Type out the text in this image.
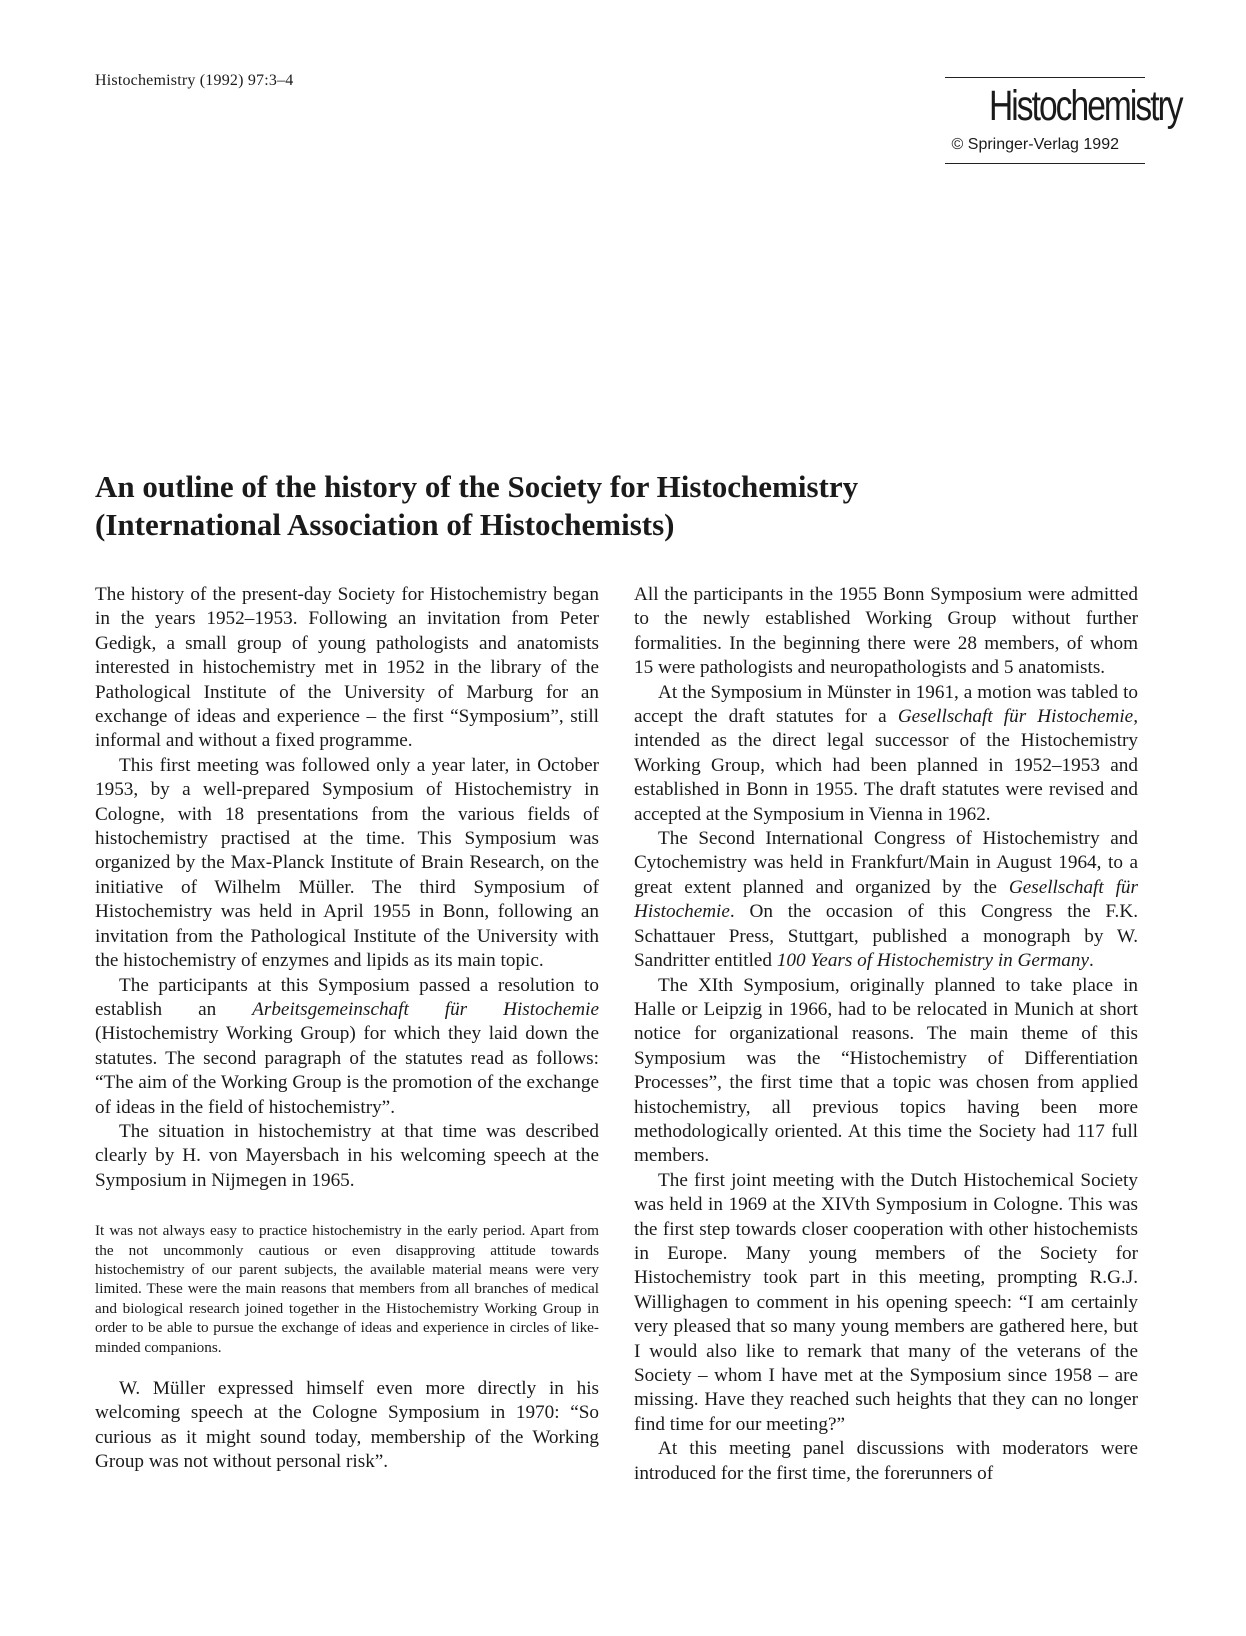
Histochemistry (1992) 97:3–4
Histochemistry
© Springer-Verlag 1992
An outline of the history of the Society for Histochemistry
(International Association of Histochemists)

The history of the present-day Society for Histochemistry began in the years 1952–1953. Following an invitation from Peter Gedigk, a small group of young pathologists and anatomists interested in histochemistry met in 1952 in the library of the Pathological Institute of the University of Marburg for an exchange of ideas and experience – the first “Symposium”, still informal and without a fixed programme.

This first meeting was followed only a year later, in October 1953, by a well-prepared Symposium of Histochemistry in Cologne, with 18 presentations from the various fields of histochemistry practised at the time. This Symposium was organized by the Max-Planck Institute of Brain Research, on the initiative of Wilhelm Müller. The third Symposium of Histochemistry was held in April 1955 in Bonn, following an invitation from the Pathological Institute of the University with the histochemistry of enzymes and lipids as its main topic.

The participants at this Symposium passed a resolution to establish an Arbeitsgemeinschaft für Histochemie (Histochemistry Working Group) for which they laid down the statutes. The second paragraph of the statutes read as follows: “The aim of the Working Group is the promotion of the exchange of ideas in the field of histochemistry”.

The situation in histochemistry at that time was described clearly by H. von Mayersbach in his welcoming speech at the Symposium in Nijmegen in 1965.

It was not always easy to practice histochemistry in the early period. Apart from the not uncommonly cautious or even disapproving attitude towards histochemistry of our parent subjects, the available material means were very limited. These were the main reasons that members from all branches of medical and biological research joined together in the Histochemistry Working Group in order to be able to pursue the exchange of ideas and experience in circles of like-minded companions.

W. Müller expressed himself even more directly in his welcoming speech at the Cologne Symposium in 1970: “So curious as it might sound today, membership of the Working Group was not without personal risk”.

All the participants in the 1955 Bonn Symposium were admitted to the newly established Working Group without further formalities. In the beginning there were 28 members, of whom 15 were pathologists and neuropathologists and 5 anatomists.

At the Symposium in Münster in 1961, a motion was tabled to accept the draft statutes for a Gesellschaft für Histochemie, intended as the direct legal successor of the Histochemistry Working Group, which had been planned in 1952–1953 and established in Bonn in 1955. The draft statutes were revised and accepted at the Symposium in Vienna in 1962.

The Second International Congress of Histochemistry and Cytochemistry was held in Frankfurt/Main in August 1964, to a great extent planned and organized by the Gesellschaft für Histochemie. On the occasion of this Congress the F.K. Schattauer Press, Stuttgart, published a monograph by W. Sandritter entitled 100 Years of Histochemistry in Germany.

The XIth Symposium, originally planned to take place in Halle or Leipzig in 1966, had to be relocated in Munich at short notice for organizational reasons. The main theme of this Symposium was the “Histochemistry of Differentiation Processes”, the first time that a topic was chosen from applied histochemistry, all previous topics having been more methodologically oriented. At this time the Society had 117 full members.

The first joint meeting with the Dutch Histochemical Society was held in 1969 at the XIVth Symposium in Cologne. This was the first step towards closer cooperation with other histochemists in Europe. Many young members of the Society for Histochemistry took part in this meeting, prompting R.G.J. Willighagen to comment in his opening speech: “I am certainly very pleased that so many young members are gathered here, but I would also like to remark that many of the veterans of the Society – whom I have met at the Symposium since 1958 – are missing. Have they reached such heights that they can no longer find time for our meeting?”

At this meeting panel discussions with moderators were introduced for the first time, the forerunners of
